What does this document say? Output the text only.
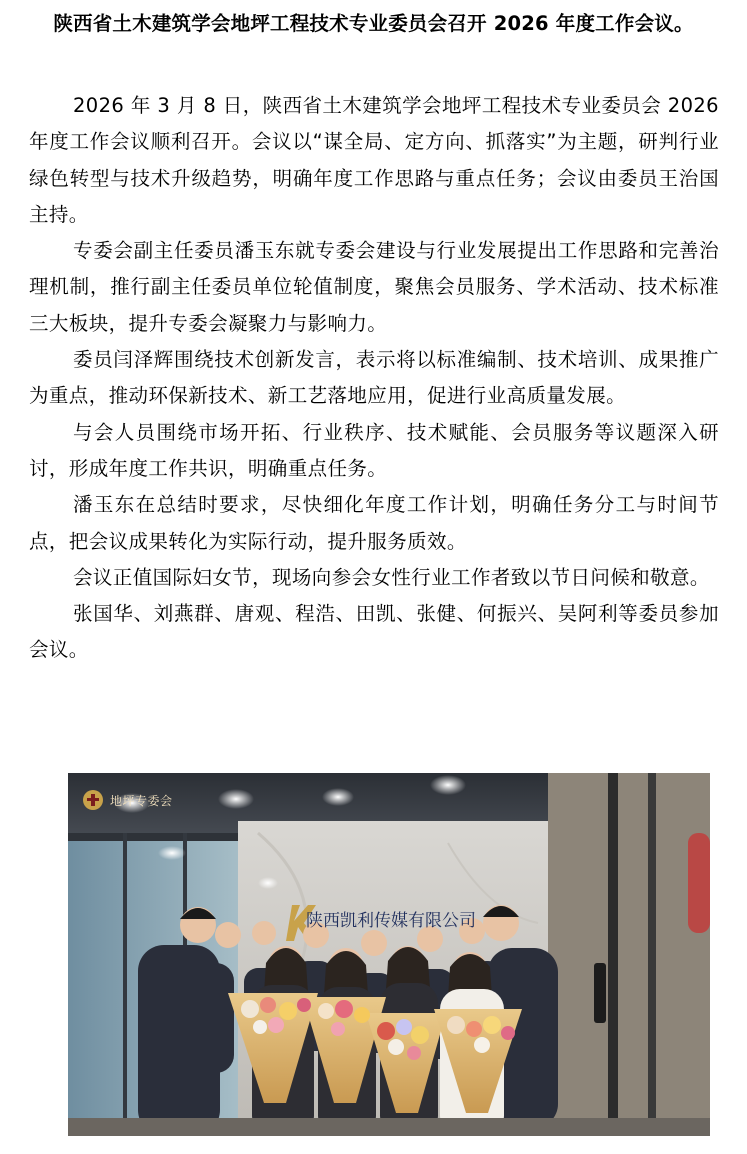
陕西省土木建筑学会地坪工程技术专业委员会召开 2026 年度工作会议。

2026 年 3 月 8 日，陕西省土木建筑学会地坪工程技术专业委员会 2026 年度工作会议顺利召开。会议以“谋全局、定方向、抓落实”为主题，研判行业绿色转型与技术升级趋势，明确年度工作思路与重点任务；会议由委员王治国主持。

专委会副主任委员潘玉东就专委会建设与行业发展提出工作思路和完善治理机制，推行副主任委员单位轮值制度，聚焦会员服务、学术活动、技术标准三大板块，提升专委会凝聚力与影响力。

委员闫泽辉围绕技术创新发言，表示将以标准编制、技术培训、成果推广为重点，推动环保新技术、新工艺落地应用，促进行业高质量发展。

与会人员围绕市场开拓、行业秩序、技术赋能、会员服务等议题深入研讨，形成年度工作共识，明确重点任务。

潘玉东在总结时要求，尽快细化年度工作计划，明确任务分工与时间节点，把会议成果转化为实际行动，提升服务质效。

会议正值国际妇女节，现场向参会女性行业工作者致以节日问候和敬意。

张国华、刘燕群、唐观、程浩、田凯、张健、何振兴、吴阿利等委员参加会议。

地坪专委会
陕西凯利传媒有限公司
